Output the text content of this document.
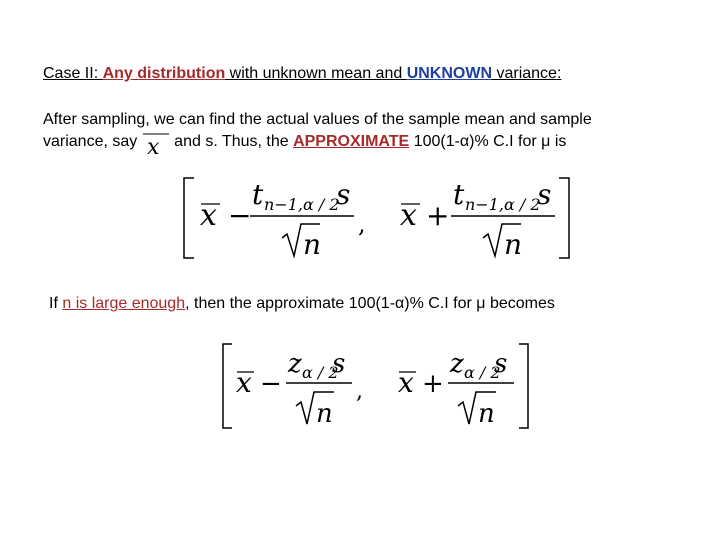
Case II: Any distribution with unknown mean and UNKNOWN variance:
After sampling, we can find the actual values of the sample mean and sample
variance, say x and s. Thus, the APPROXIMATE 100(1-α)% C.I for μ is
x −
t n−1,α / 2
s
n
, x +
t n−1,α / 2
s
n
If n is large enough, then the approximate 100(1-α)% C.I for μ becomes
x −
z α / 2
s
n
, x +
z α / 2
s
n
